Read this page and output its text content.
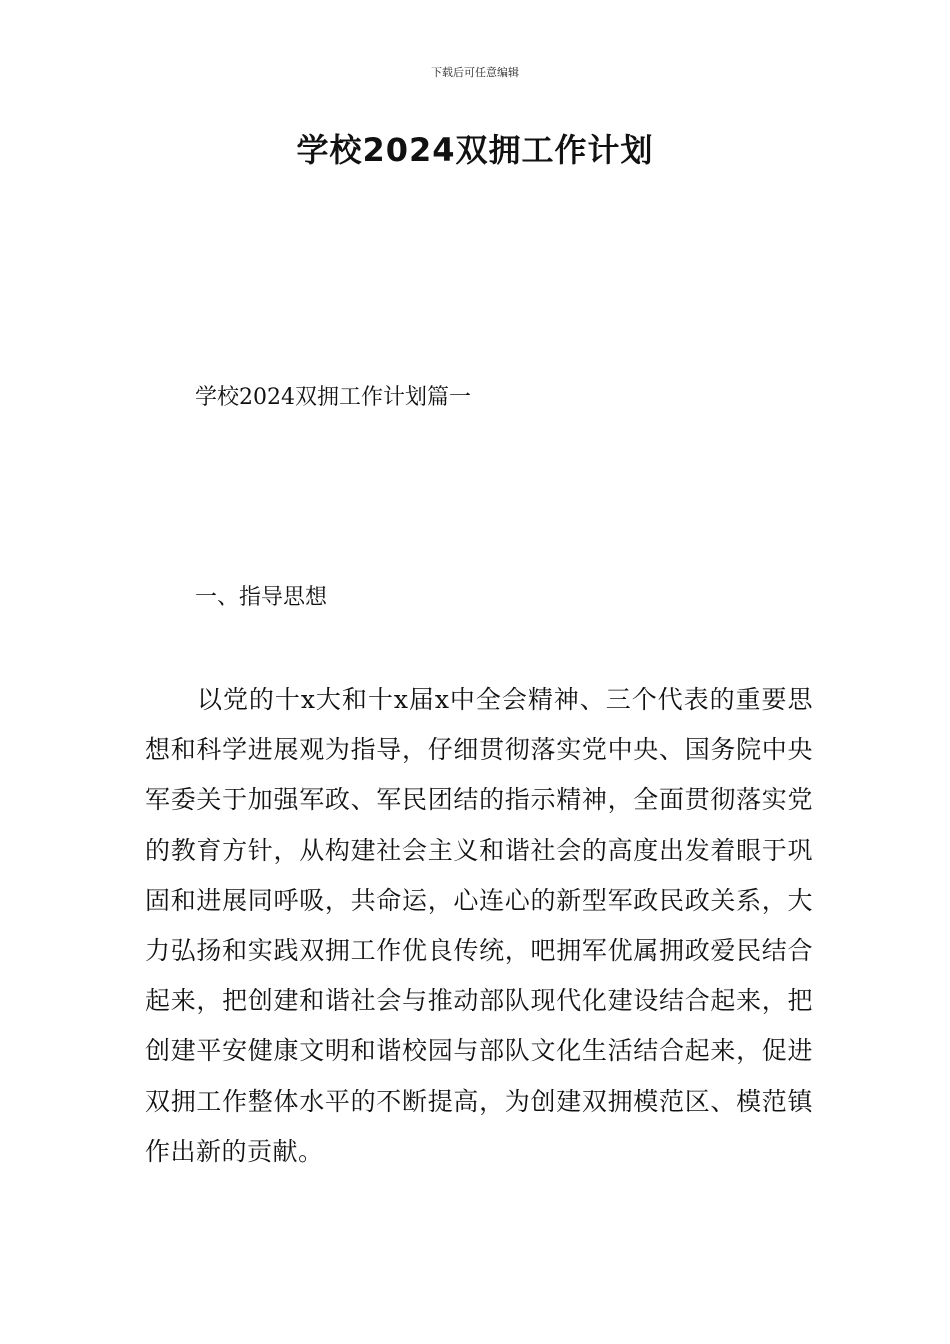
下载后可任意编辑
学校2024双拥工作计划
学校2024双拥工作计划篇一
一、指导思想

以党的十x大和十x届x中全会精神、三个代表的重要思想和科学进展观为指导，仔细贯彻落实党中央、国务院中央军委关于加强军政、军民团结的指示精神，全面贯彻落实党的教育方针，从构建社会主义和谐社会的高度出发着眼于巩固和进展同呼吸，共命运，心连心的新型军政民政关系，大力弘扬和实践双拥工作优良传统，吧拥军优属拥政爱民结合起来，把创建和谐社会与推动部队现代化建设结合起来，把创建平安健康文明和谐校园与部队文化生活结合起来，促进双拥工作整体水平的不断提高，为创建双拥模范区、模范镇作出新的贡献。
